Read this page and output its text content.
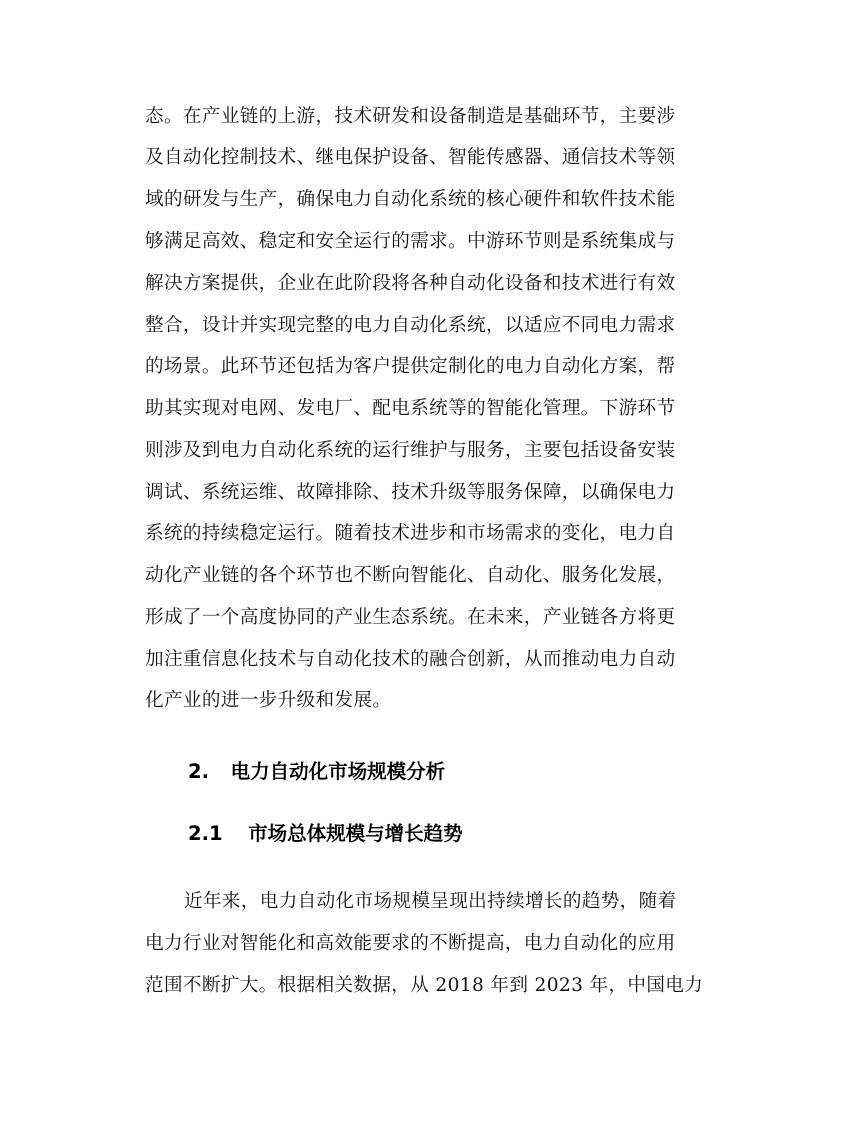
态。在产业链的上游，技术研发和设备制造是基础环节，主要涉
及自动化控制技术、继电保护设备、智能传感器、通信技术等领
域的研发与生产，确保电力自动化系统的核心硬件和软件技术能
够满足高效、稳定和安全运行的需求。中游环节则是系统集成与
解决方案提供，企业在此阶段将各种自动化设备和技术进行有效
整合，设计并实现完整的电力自动化系统，以适应不同电力需求
的场景。此环节还包括为客户提供定制化的电力自动化方案，帮
助其实现对电网、发电厂、配电系统等的智能化管理。下游环节
则涉及到电力自动化系统的运行维护与服务，主要包括设备安装
调试、系统运维、故障排除、技术升级等服务保障，以确保电力
系统的持续稳定运行。随着技术进步和市场需求的变化，电力自
动化产业链的各个环节也不断向智能化、自动化、服务化发展，
形成了一个高度协同的产业生态系统。在未来，产业链各方将更
加注重信息化技术与自动化技术的融合创新，从而推动电力自动
化产业的进一步升级和发展。
2. 电力自动化市场规模分析
2.1 市场总体规模与增长趋势
近年来，电力自动化市场规模呈现出持续增长的趋势，随着
电力行业对智能化和高效能要求的不断提高，电力自动化的应用
范围不断扩大。根据相关数据，从 2018 年到 2023 年，中国电力
